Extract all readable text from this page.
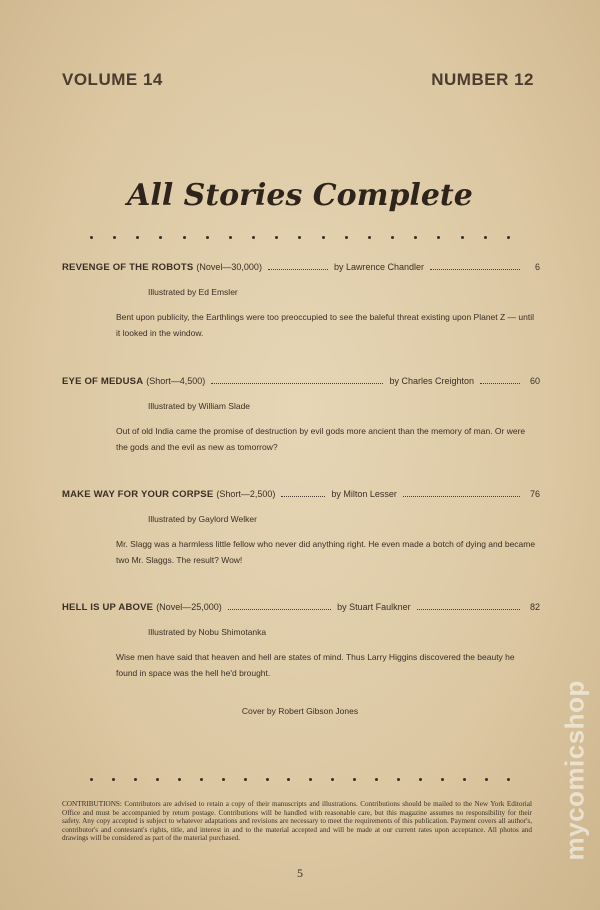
VOLUME 14	NUMBER 12
All Stories Complete
REVENGE OF THE ROBOTS (Novel—30,000)	by Lawrence Chandler	6
Illustrated by Ed Emsler
Bent upon publicity, the Earthlings were too preoccupied to see the baleful threat existing upon Planet Z — until it looked in the window.
EYE OF MEDUSA (Short—4,500)	by Charles Creighton	60
Illustrated by William Slade
Out of old India came the promise of destruction by evil gods more ancient than the memory of man. Or were the gods and the evil as new as tomorrow?
MAKE WAY FOR YOUR CORPSE (Short—2,500)	by Milton Lesser	76
Illustrated by Gaylord Welker
Mr. Slagg was a harmless little fellow who never did anything right. He even made a botch of dying and became two Mr. Slaggs. The result? Wow!
HELL IS UP ABOVE (Novel—25,000)	by Stuart Faulkner	82
Illustrated by Nobu Shimotanka
Wise men have said that heaven and hell are states of mind. Thus Larry Higgins discovered the beauty he found in space was the hell he'd brought.
Cover by Robert Gibson Jones
CONTRIBUTIONS: Contributors are advised to retain a copy of their manuscripts and illustrations. Contributions should be mailed to the New York Editorial Office and must be accompanied by return postage. Contributions will be handled with reasonable care, but this magazine assumes no responsibility for their safety. Any copy accepted is subject to whatever adaptations and revisions are necessary to meet the requirements of this publication. Payment covers all author's, contributor's and contestant's rights, title, and interest in and to the material accepted and will be made at our current rates upon acceptance. All photos and drawings will be considered as part of the material purchased.
5
mycomicshop
